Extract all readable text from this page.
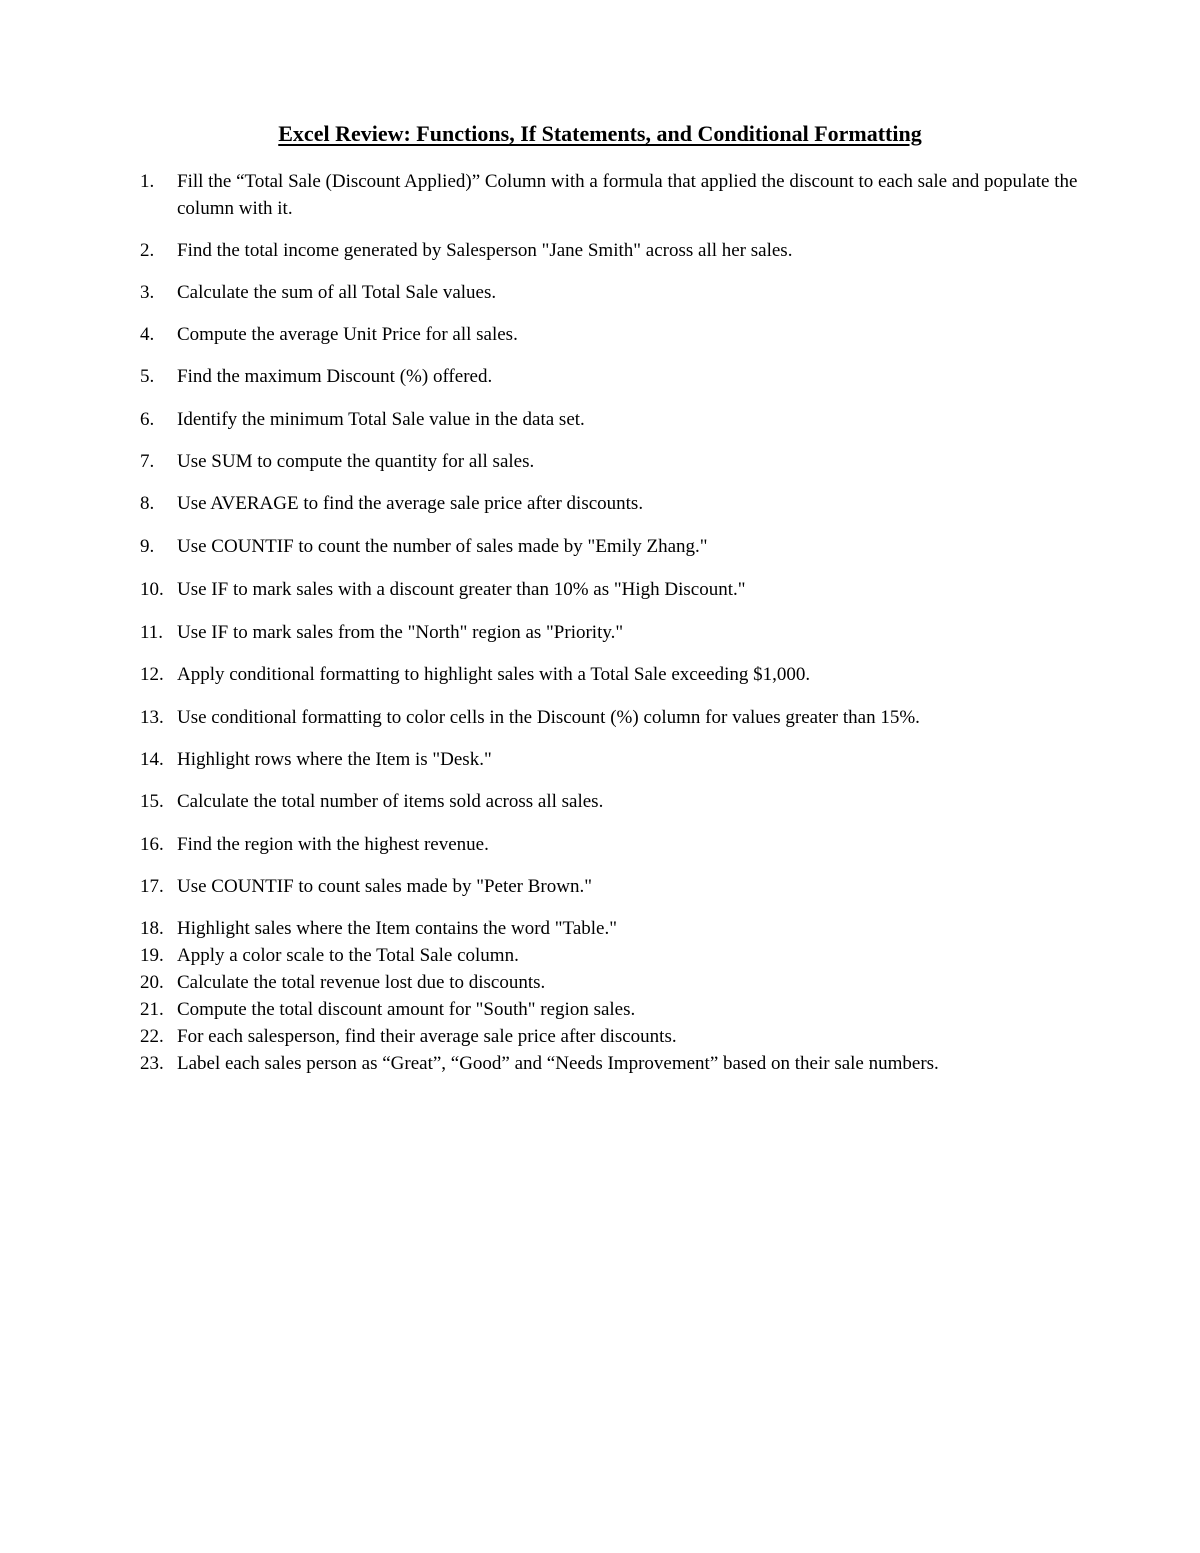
Excel Review: Functions, If Statements, and Conditional Formatting
1. Fill the “Total Sale (Discount Applied)” Column with a formula that applied the discount to each sale and populate the column with it.
2. Find the total income generated by Salesperson "Jane Smith" across all her sales.
3. Calculate the sum of all Total Sale values.
4. Compute the average Unit Price for all sales.
5. Find the maximum Discount (%) offered.
6. Identify the minimum Total Sale value in the data set.
7. Use SUM to compute the quantity for all sales.
8. Use AVERAGE to find the average sale price after discounts.
9. Use COUNTIF to count the number of sales made by "Emily Zhang."
10. Use IF to mark sales with a discount greater than 10% as "High Discount."
11. Use IF to mark sales from the "North" region as "Priority."
12. Apply conditional formatting to highlight sales with a Total Sale exceeding $1,000.
13. Use conditional formatting to color cells in the Discount (%) column for values greater than 15%.
14. Highlight rows where the Item is "Desk."
15. Calculate the total number of items sold across all sales.
16. Find the region with the highest revenue.
17. Use COUNTIF to count sales made by "Peter Brown."
18. Highlight sales where the Item contains the word "Table."
19. Apply a color scale to the Total Sale column.
20. Calculate the total revenue lost due to discounts.
21. Compute the total discount amount for "South" region sales.
22. For each salesperson, find their average sale price after discounts.
23. Label each sales person as “Great”, “Good” and “Needs Improvement” based on their sale numbers.
